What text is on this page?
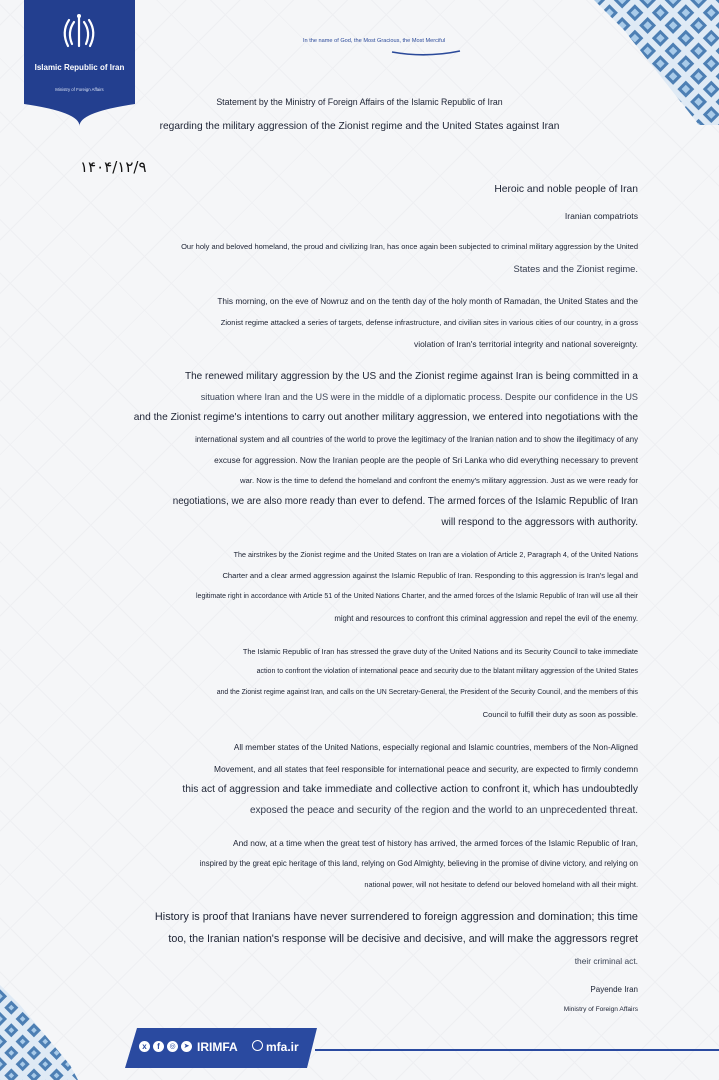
Islamic Republic of Iran
Ministry of Foreign Affairs
In the name of God, the Most Gracious, the Most Merciful
Statement by the Ministry of Foreign Affairs of the Islamic Republic of Iran
regarding the military aggression of the Zionist regime and the United States against Iran
۱۴۰۴/۱۲/۹
Heroic and noble people of Iran
Iranian compatriots
Our holy and beloved homeland, the proud and civilizing Iran, has once again been subjected to criminal military aggression by the United
States and the Zionist regime.
This morning, on the eve of Nowruz and on the tenth day of the holy month of Ramadan, the United States and the
Zionist regime attacked a series of targets, defense infrastructure, and civilian sites in various cities of our country, in a gross
violation of Iran's territorial integrity and national sovereignty.
The renewed military aggression by the US and the Zionist regime against Iran is being committed in a
situation where Iran and the US were in the middle of a diplomatic process. Despite our confidence in the US
and the Zionist regime's intentions to carry out another military aggression, we entered into negotiations with the
international system and all countries of the world to prove the legitimacy of the Iranian nation and to show the illegitimacy of any
excuse for aggression. Now the Iranian people are the people of Sri Lanka who did everything necessary to prevent
war. Now is the time to defend the homeland and confront the enemy's military aggression. Just as we were ready for
negotiations, we are also more ready than ever to defend. The armed forces of the Islamic Republic of Iran
will respond to the aggressors with authority.
The airstrikes by the Zionist regime and the United States on Iran are a violation of Article 2, Paragraph 4, of the United Nations
Charter and a clear armed aggression against the Islamic Republic of Iran. Responding to this aggression is Iran's legal and
legitimate right in accordance with Article 51 of the United Nations Charter, and the armed forces of the Islamic Republic of Iran will use all their
might and resources to confront this criminal aggression and repel the evil of the enemy.
The Islamic Republic of Iran has stressed the grave duty of the United Nations and its Security Council to take immediate
action to confront the violation of international peace and security due to the blatant military aggression of the United States
and the Zionist regime against Iran, and calls on the UN Secretary-General, the President of the Security Council, and the members of this
Council to fulfill their duty as soon as possible.
All member states of the United Nations, especially regional and Islamic countries, members of the Non-Aligned
Movement, and all states that feel responsible for international peace and security, are expected to firmly condemn
this act of aggression and take immediate and collective action to confront it, which has undoubtedly
exposed the peace and security of the region and the world to an unprecedented threat.
And now, at a time when the great test of history has arrived, the armed forces of the Islamic Republic of Iran,
inspired by the great epic heritage of this land, relying on God Almighty, believing in the promise of divine victory, and relying on
national power, will not hesitate to defend our beloved homeland with all their might.
History is proof that Iranians have never surrendered to foreign aggression and domination; this time
too, the Iranian nation's response will be decisive and decisive, and will make the aggressors regret
their criminal act.
Payende Iran
Ministry of Foreign Affairs
x	f	◎	➤ IRIMFA mfa.ir
